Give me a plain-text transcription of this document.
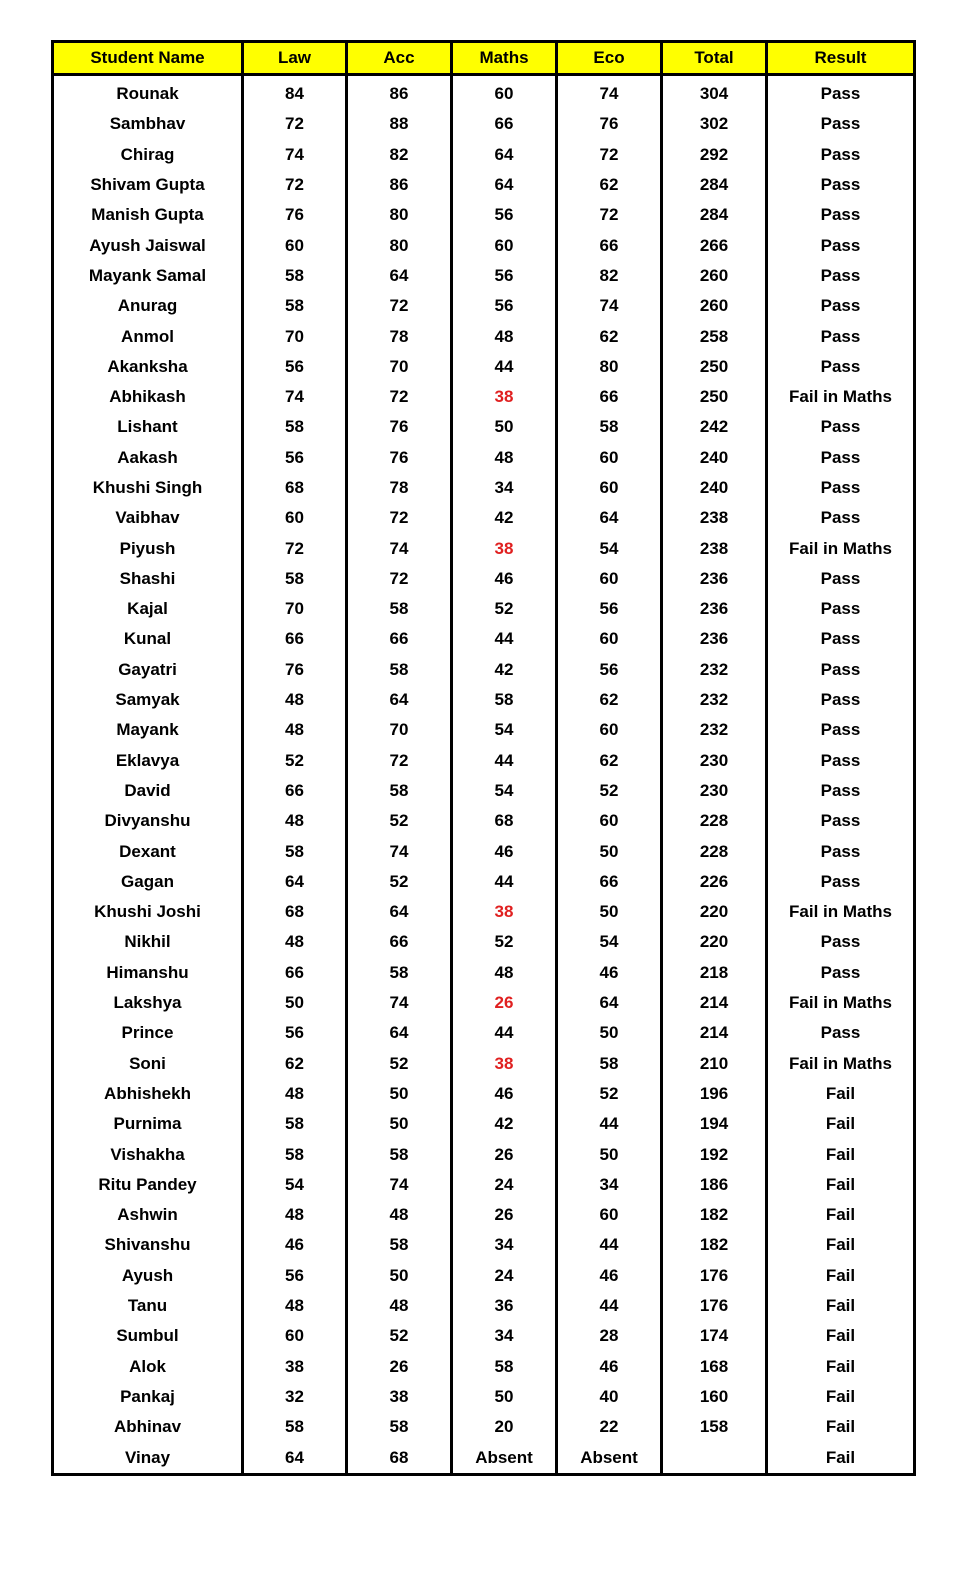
Student Name	Law	Acc	Maths	Eco	Total	Result
Rounak	84	86	60	74	304	Pass
Sambhav	72	88	66	76	302	Pass
Chirag	74	82	64	72	292	Pass
Shivam Gupta	72	86	64	62	284	Pass
Manish Gupta	76	80	56	72	284	Pass
Ayush Jaiswal	60	80	60	66	266	Pass
Mayank Samal	58	64	56	82	260	Pass
Anurag	58	72	56	74	260	Pass
Anmol	70	78	48	62	258	Pass
Akanksha	56	70	44	80	250	Pass
Abhikash	74	72	38	66	250	Fail in Maths
Lishant	58	76	50	58	242	Pass
Aakash	56	76	48	60	240	Pass
Khushi Singh	68	78	34	60	240	Pass
Vaibhav	60	72	42	64	238	Pass
Piyush	72	74	38	54	238	Fail in Maths
Shashi	58	72	46	60	236	Pass
Kajal	70	58	52	56	236	Pass
Kunal	66	66	44	60	236	Pass
Gayatri	76	58	42	56	232	Pass
Samyak	48	64	58	62	232	Pass
Mayank	48	70	54	60	232	Pass
Eklavya	52	72	44	62	230	Pass
David	66	58	54	52	230	Pass
Divyanshu	48	52	68	60	228	Pass
Dexant	58	74	46	50	228	Pass
Gagan	64	52	44	66	226	Pass
Khushi Joshi	68	64	38	50	220	Fail in Maths
Nikhil	48	66	52	54	220	Pass
Himanshu	66	58	48	46	218	Pass
Lakshya	50	74	26	64	214	Fail in Maths
Prince	56	64	44	50	214	Pass
Soni	62	52	38	58	210	Fail in Maths
Abhishekh	48	50	46	52	196	Fail
Purnima	58	50	42	44	194	Fail
Vishakha	58	58	26	50	192	Fail
Ritu Pandey	54	74	24	34	186	Fail
Ashwin	48	48	26	60	182	Fail
Shivanshu	46	58	34	44	182	Fail
Ayush	56	50	24	46	176	Fail
Tanu	48	48	36	44	176	Fail
Sumbul	60	52	34	28	174	Fail
Alok	38	26	58	46	168	Fail
Pankaj	32	38	50	40	160	Fail
Abhinav	58	58	20	22	158	Fail
Vinay	64	68	Absent	Absent		Fail
